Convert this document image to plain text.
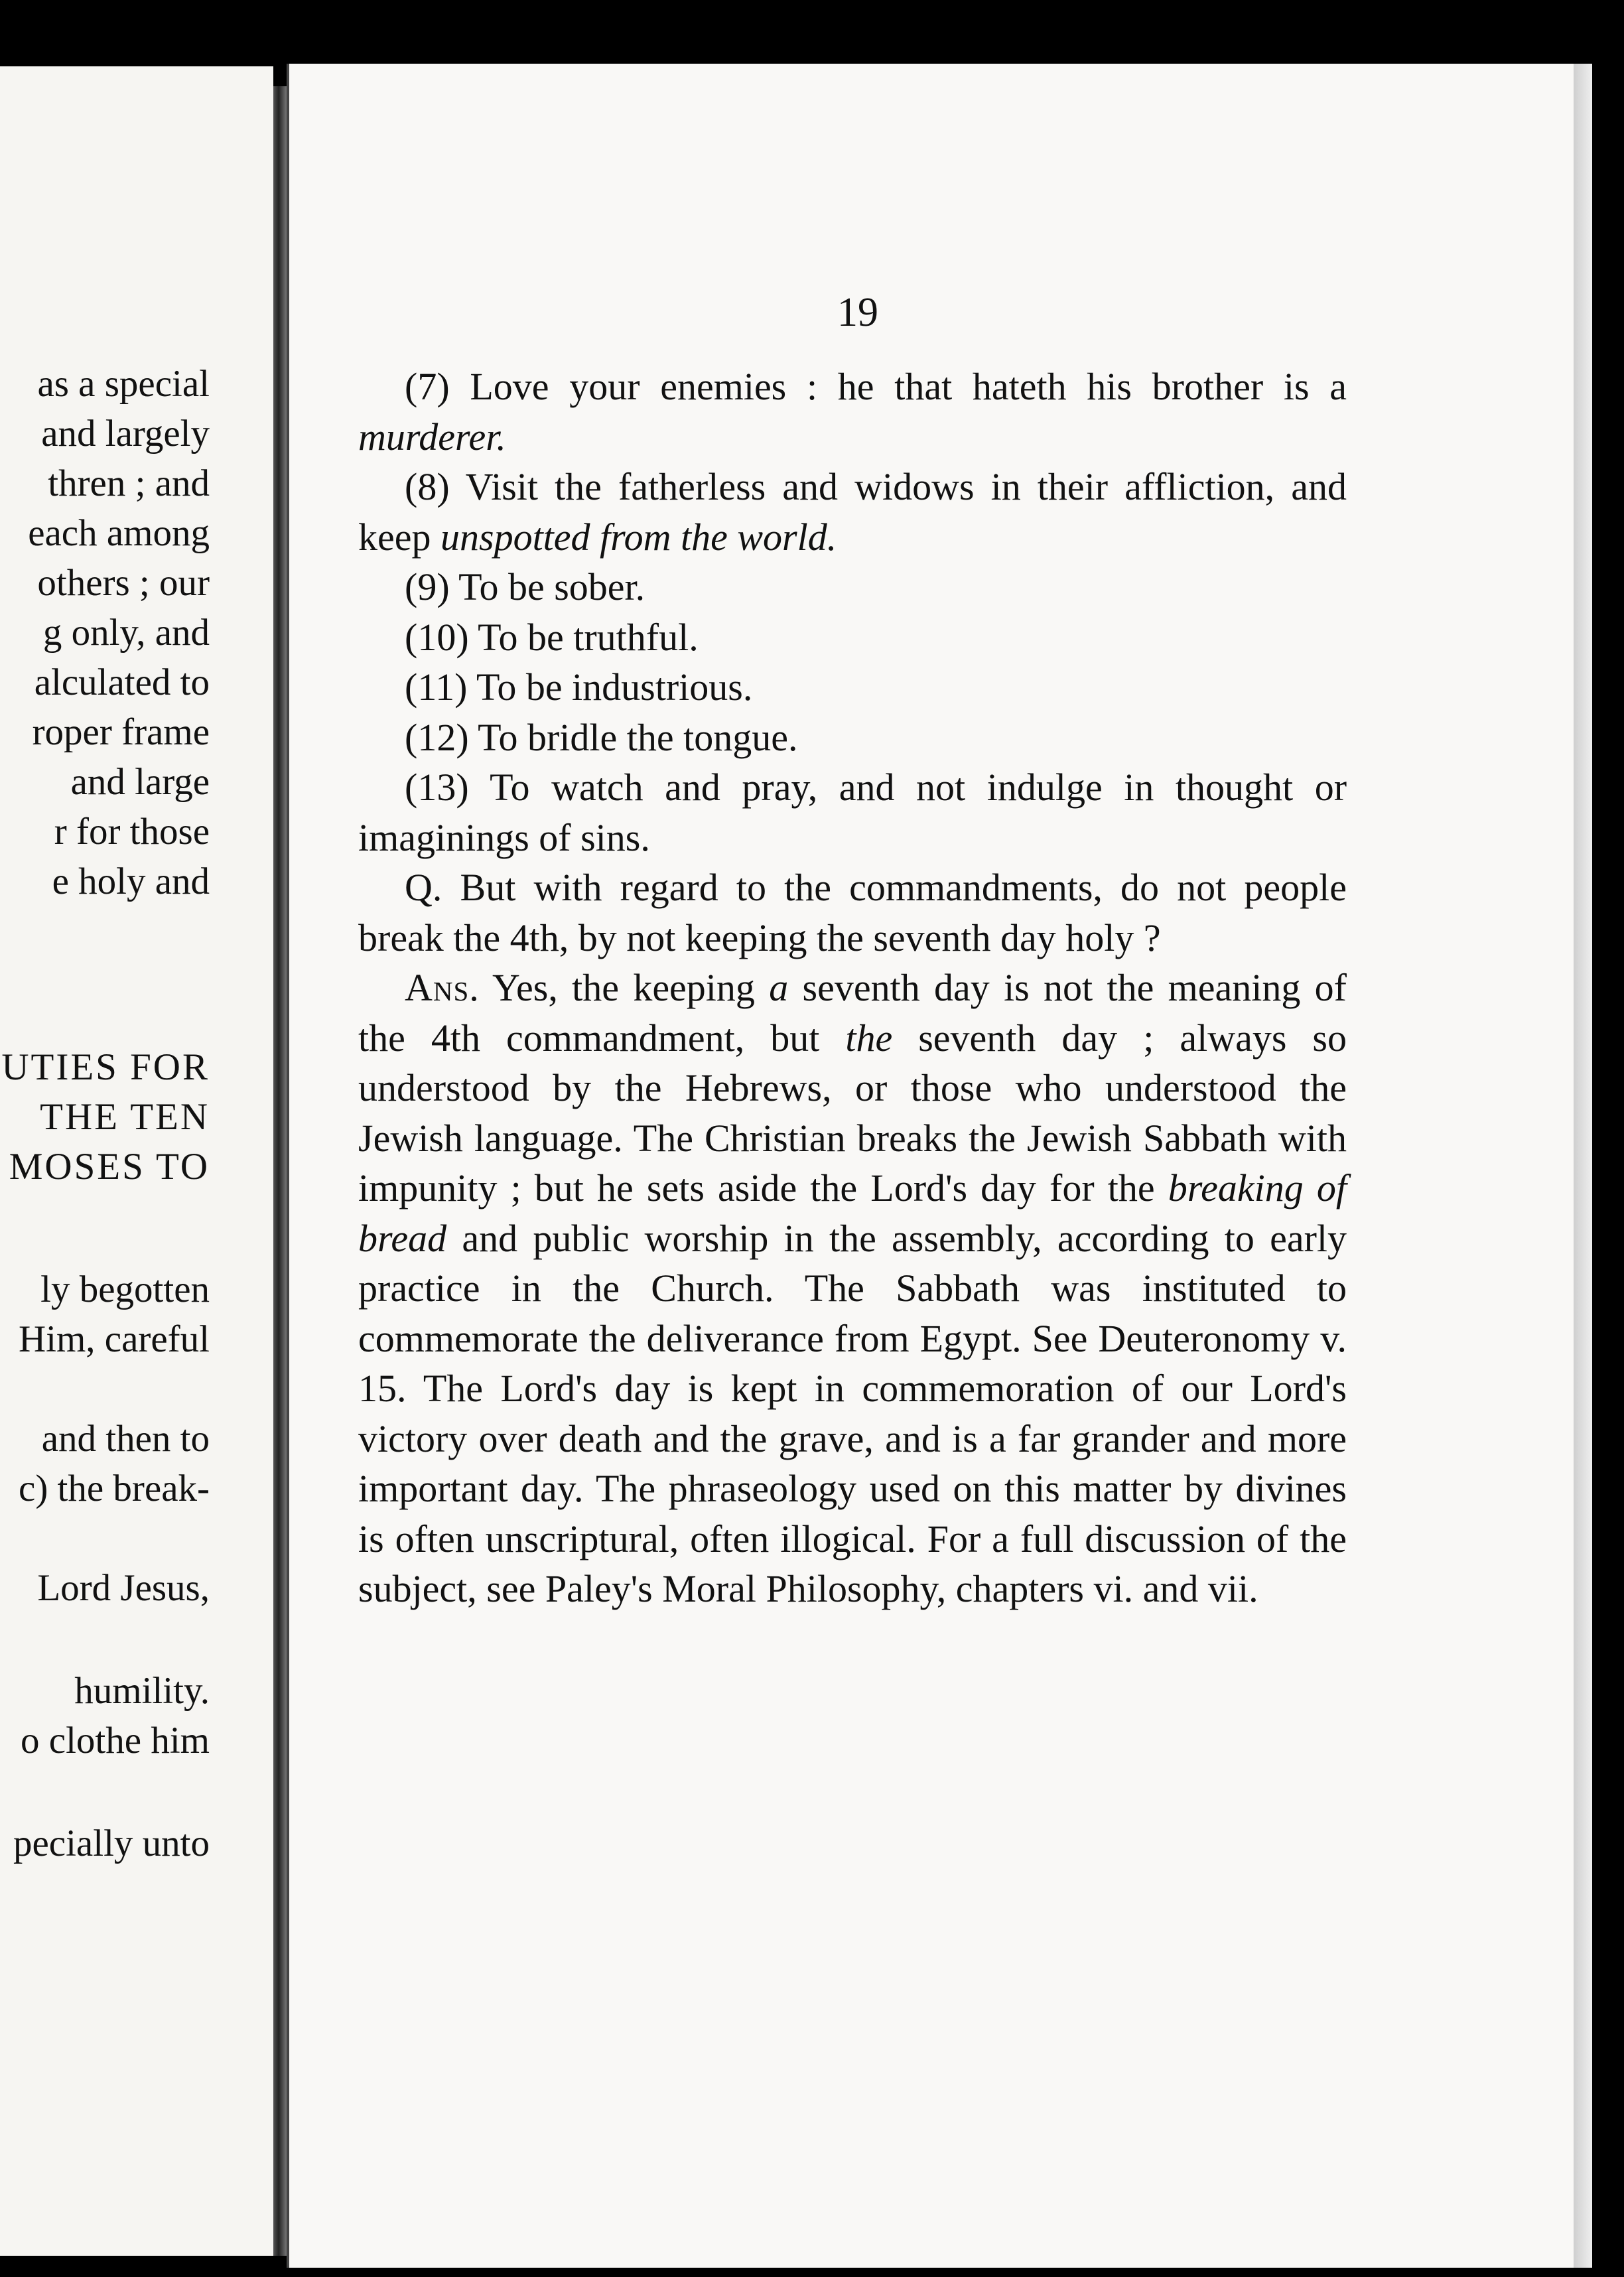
as a special
and largely
thren ; and
each among
others ; our
g only, and
alculated to
roper frame
and large
r for those
e holy and
UTIES FOR
THE TEN
MOSES TO
ly begotten
Him, careful
and then to
c) the break-
Lord Jesus,
humility.
o clothe him
pecially unto
19

(7) Love your enemies : he that hateth his brother is a murderer.

(8) Visit the fatherless and widows in their affliction, and keep unspotted from the world.

(9) To be sober.

(10) To be truthful.

(11) To be industrious.

(12) To bridle the tongue.

(13) To watch and pray, and not indulge in thought or imaginings of sins.

Q. But with regard to the commandments, do not people break the 4th, by not keeping the seventh day holy ?

Ans. Yes, the keeping a seventh day is not the meaning of the 4th commandment, but the seventh day ; always so understood by the Hebrews, or those who understood the Jewish language. The Christian breaks the Jewish Sabbath with impunity ; but he sets aside the Lord's day for the breaking of bread and public worship in the assembly, according to early practice in the Church. The Sabbath was instituted to commemorate the deliverance from Egypt. See Deuteronomy v. 15. The Lord's day is kept in commemoration of our Lord's victory over death and the grave, and is a far grander and more important day. The phraseology used on this matter by divines is often unscriptural, often illogical. For a full discussion of the subject, see Paley's Moral Philosophy, chapters vi. and vii.
